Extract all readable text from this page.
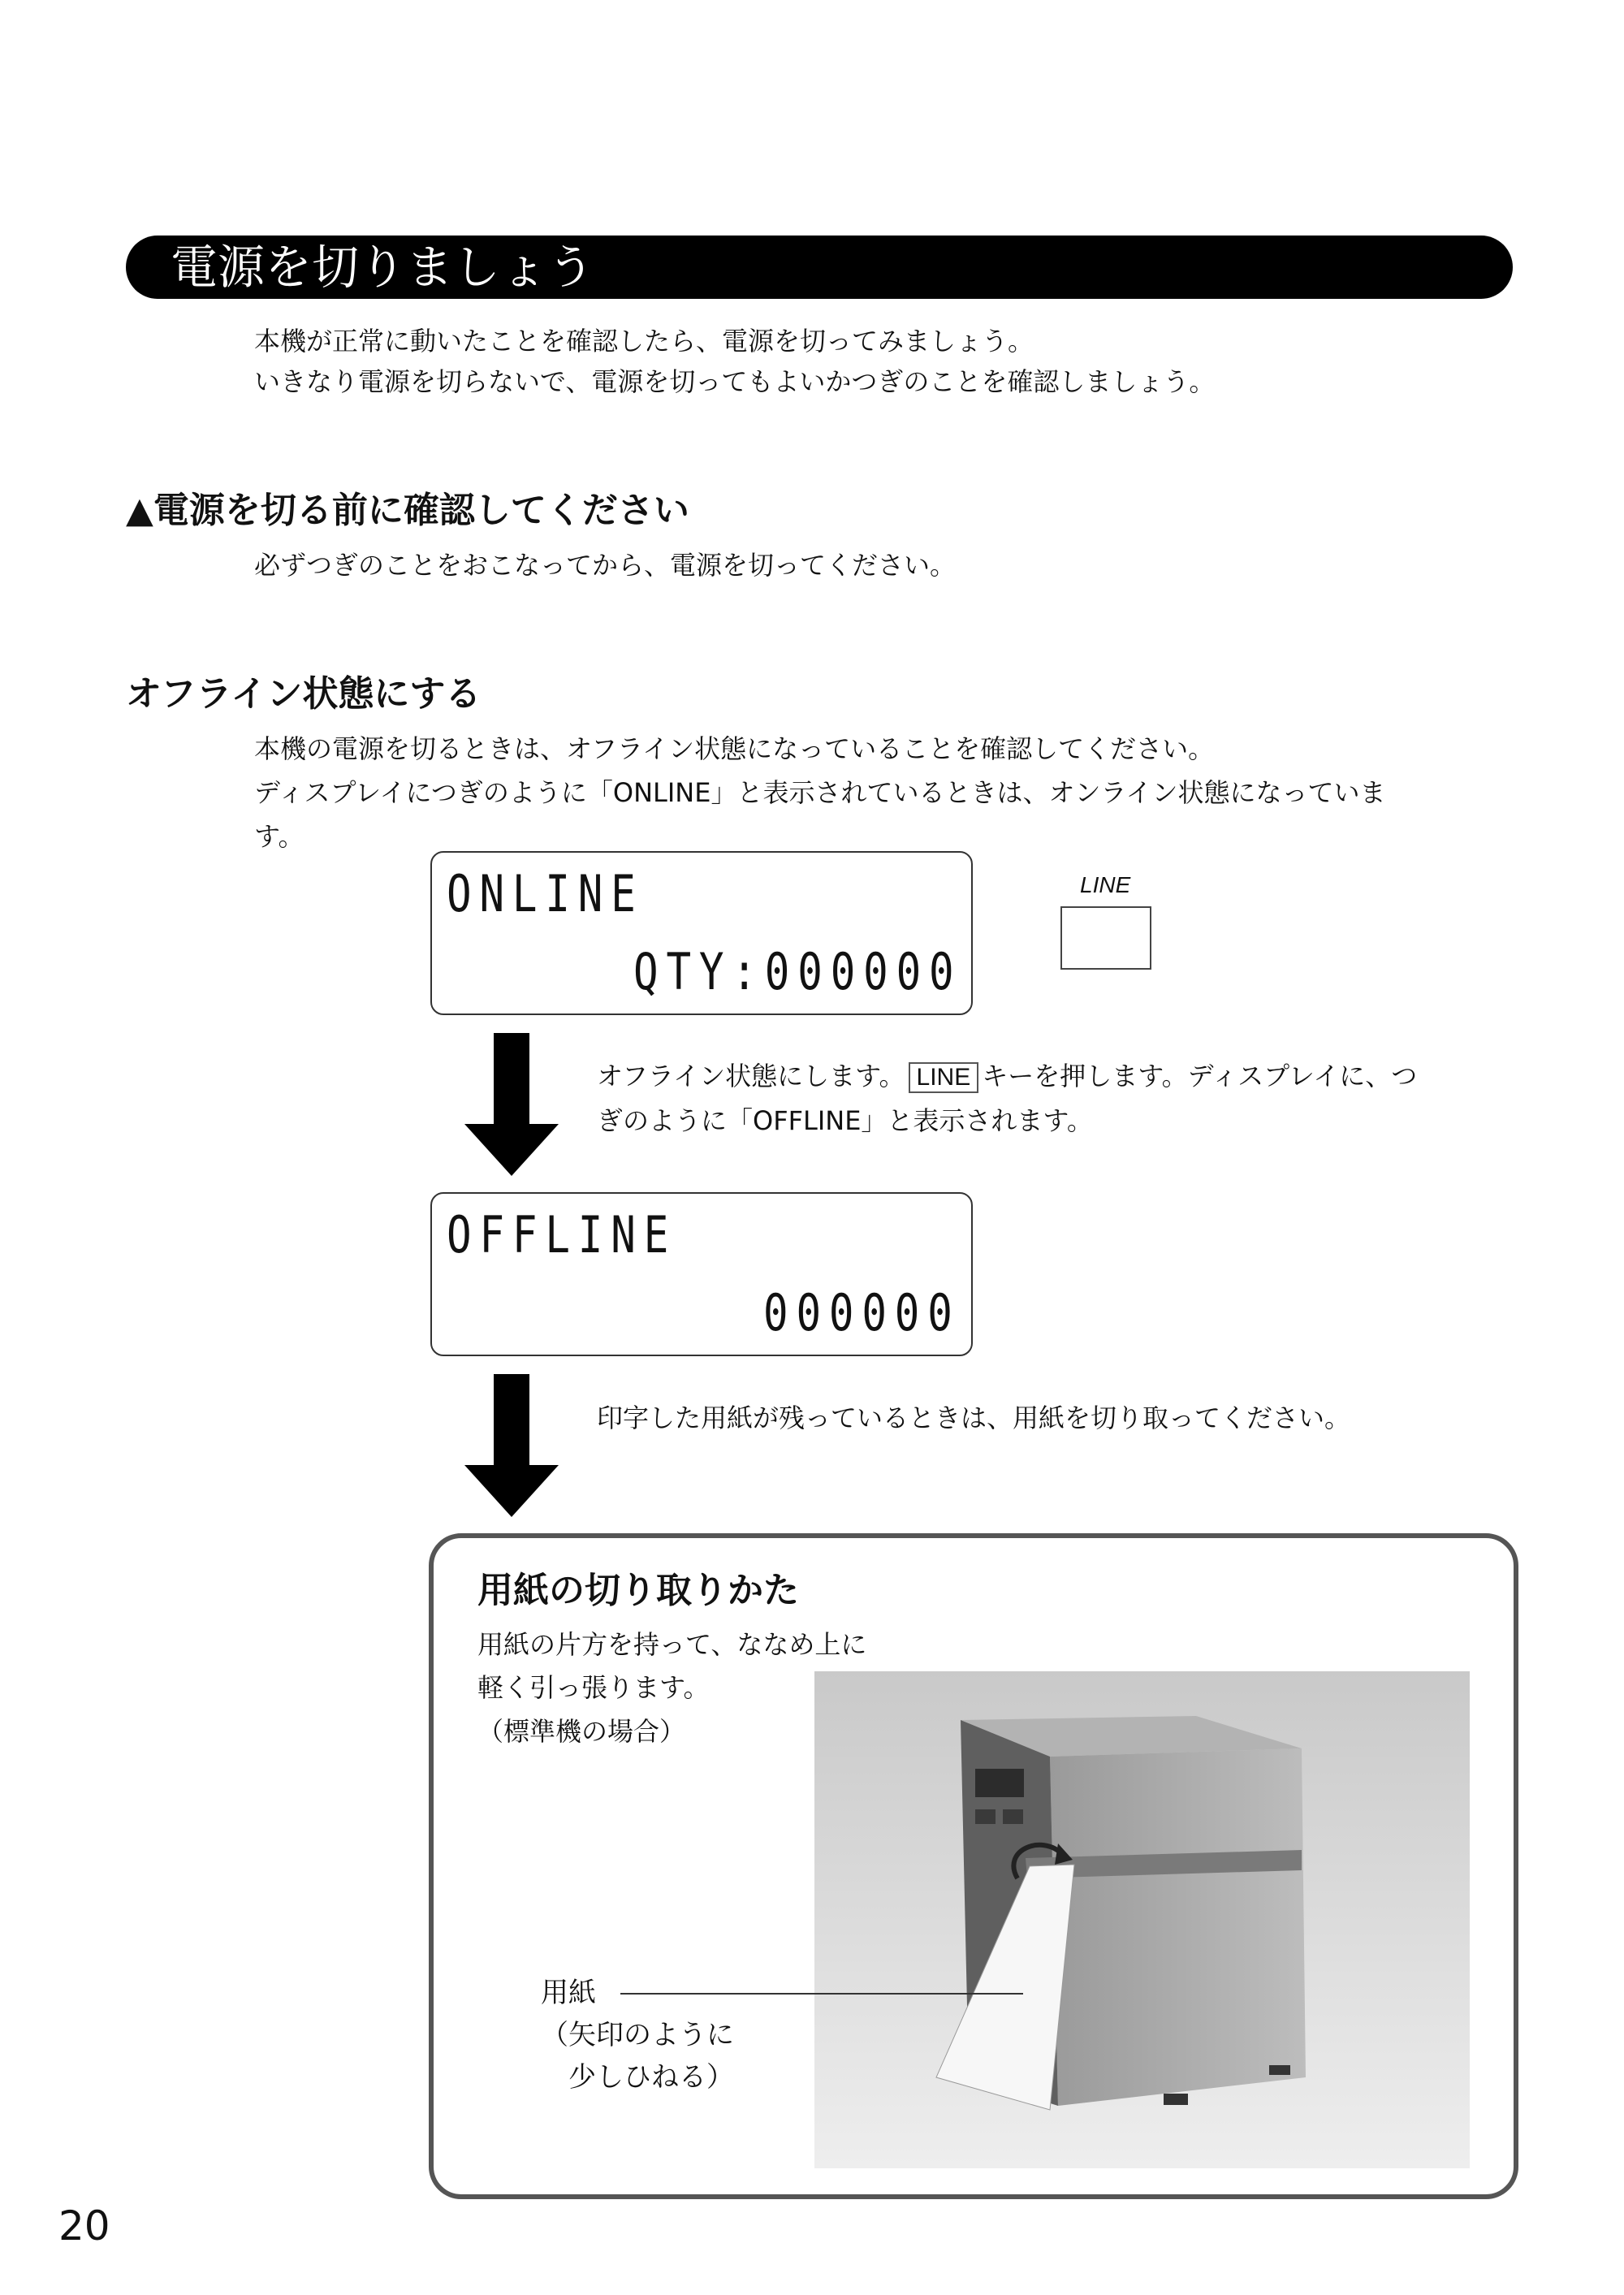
電源を切りましょう
本機が正常に動いたことを確認したら、電源を切ってみましょう。
いきなり電源を切らないで、電源を切ってもよいかつぎのことを確認しましょう。
▲電源を切る前に確認してください
必ずつぎのことをおこなってから、電源を切ってください。
オフライン状態にする
本機の電源を切るときは、オフライン状態になっていることを確認してください。
ディスプレイにつぎのように「ONLINE」と表示されているときは、オンライン状態になっていま
す。
ONLINE
QTY:000000
LINE
オフライン状態にします。 LINE キーを押します。ディスプレイに、つ
ぎのように「OFFLINE」と表示されます。
OFFLINE
000000
印字した用紙が残っているときは、用紙を切り取ってください。
用紙の切り取りかた
用紙の片方を持って、ななめ上に
軽く引っ張ります。
（標準機の場合）
用紙
（矢印のように
少しひねる）
20
